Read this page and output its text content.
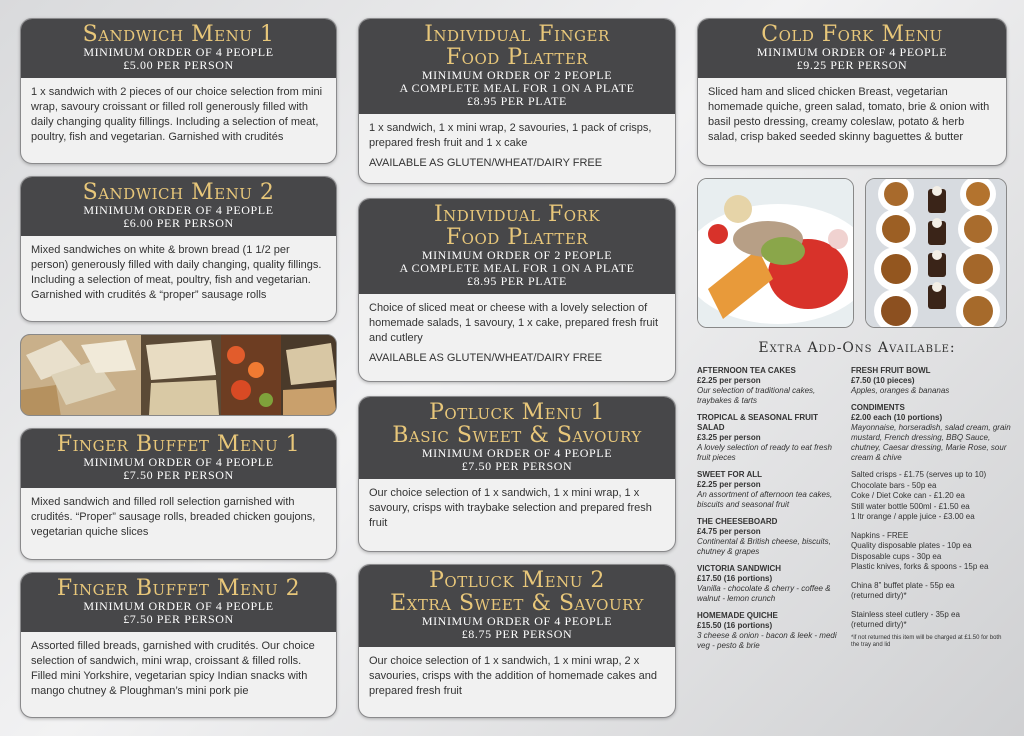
Sandwich Menu 1
MINIMUM ORDER OF 4 PEOPLE
£5.00 PER PERSON
1 x sandwich with 2 pieces of our choice selection from mini wrap, savoury croissant or filled roll generously filled with daily changing quality fillings. Including a selection of meat, poultry, fish and vegetarian. Garnished with crudités
Sandwich Menu 2
MINIMUM ORDER OF 4 PEOPLE
£6.00 PER PERSON
Mixed sandwiches on white & brown bread (1 1/2 per person) generously filled with daily changing, quality fillings. Including a selection of meat, poultry, fish and vegetarian. Garnished with crudités & “proper” sausage rolls
Finger Buffet Menu 1
MINIMUM ORDER OF 4 PEOPLE
£7.50 PER PERSON
Mixed sandwich and filled roll selection garnished with crudités. “Proper” sausage rolls, breaded chicken goujons, vegetarian quiche slices
Finger Buffet Menu 2
MINIMUM ORDER OF 4 PEOPLE
£7.50 PER PERSON
Assorted filled breads, garnished with crudités. Our choice selection of sandwich, mini wrap, croissant & filled rolls. Filled mini Yorkshire, vegetarian spicy Indian snacks with mango chutney & Ploughman’s mini pork pie
Individual Finger
Food Platter
MINIMUM ORDER OF 2 PEOPLE
A COMPLETE MEAL FOR 1 ON A PLATE
£8.95 PER PLATE
1 x sandwich, 1 x mini wrap, 2 savouries, 1 pack of crisps, prepared fresh fruit and 1 x cake
AVAILABLE AS GLUTEN/WHEAT/DAIRY FREE
Individual Fork
Food Platter
MINIMUM ORDER OF 2 PEOPLE
A COMPLETE MEAL FOR 1 ON A PLATE
£8.95 PER PLATE
Choice of sliced meat or cheese with a lovely selection of homemade salads, 1 savoury, 1 x cake, prepared fresh fruit and cutlery
AVAILABLE AS GLUTEN/WHEAT/DAIRY FREE
Potluck Menu 1
Basic Sweet & Savoury
MINIMUM ORDER OF 4 PEOPLE
£7.50 PER PERSON
Our choice selection of 1 x sandwich, 1 x mini wrap, 1 x savoury, crisps with traybake selection and prepared fresh fruit
Potluck Menu 2
Extra Sweet & Savoury
MINIMUM ORDER OF 4 PEOPLE
£8.75 PER PERSON
Our choice selection of 1 x sandwich, 1 x mini wrap, 2 x savouries, crisps with the addition of homemade cakes and prepared fresh fruit
Cold Fork Menu
MINIMUM ORDER OF 4 PEOPLE
£9.25 PER PERSON
Sliced ham and sliced chicken Breast, vegetarian homemade quiche, green salad, tomato, brie & onion with basil pesto dressing, creamy coleslaw, potato & herb salad, crisp baked seeded skinny baguettes & butter
Extra Add-Ons Available:
AFTERNOON TEA CAKES
£2.25 per person
Our selection of traditional cakes, traybakes & tarts
TROPICAL & SEASONAL FRUIT SALAD
£3.25 per person
A lovely selection of ready to eat fresh fruit pieces
SWEET FOR ALL
£2.25 per person
An assortment of afternoon tea cakes, biscuits and seasonal fruit
THE CHEESEBOARD
£4.75 per person
Continental & British cheese, biscuits, chutney & grapes
VICTORIA SANDWICH
£17.50 (16 portions)
Vanilla - chocolate & cherry - coffee & walnut - lemon crunch
HOMEMADE QUICHE
£15.50 (16 portions)
3 cheese & onion - bacon & leek - medi veg - pesto & brie
FRESH FRUIT BOWL
£7.50 (10 pieces)
Apples, oranges & bananas
CONDIMENTS
£2.00 each (10 portions)
Mayonnaise, horseradish, salad cream, grain mustard, French dressing, BBQ Sauce, chutney, Caesar dressing, Marie Rose, sour cream & chive

Salted crisps - £1.75 (serves up to 10)

Chocolate bars - 50p ea

Coke / Diet Coke can - £1.20 ea

Still water bottle 500ml - £1.50 ea

1 ltr orange / apple juice - £3.00 ea

Napkins - FREE

Quality disposable plates - 10p ea

Disposable cups - 30p ea

Plastic knives, forks & spoons - 15p ea

China 8” buffet plate - 55p ea

(returned dirty)*

Stainless steel cutlery - 35p ea

(returned dirty)*

*if not returned this item will be charged at £1.50 for both the tray and lid
